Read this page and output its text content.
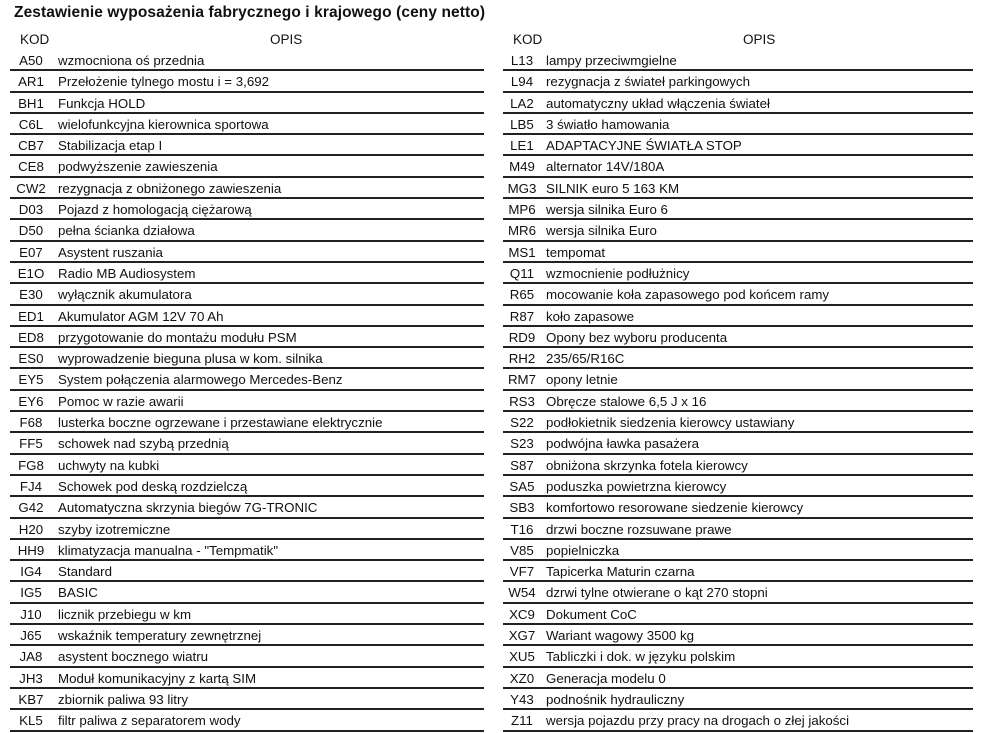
Zestawienie wyposażenia fabrycznego i krajowego (ceny netto)
KOD	OPIS
A50	wzmocniona oś przednia
AR1	Przełożenie tylnego mostu i = 3,692
BH1	Funkcja HOLD
C6L	wielofunkcyjna kierownica sportowa
CB7	Stabilizacja etap I
CE8	podwyższenie zawieszenia
CW2 rezygnacja z obniżonego zawieszenia
D03	Pojazd z homologacją ciężarową
D50	pełna ścianka działowa
E07	Asystent ruszania
E1O	Radio MB Audiosystem
E30	wyłącznik akumulatora
ED1	Akumulator AGM 12V 70 Ah
ED8	przygotowanie do montażu modułu PSM
ES0	wyprowadzenie bieguna plusa w kom. silnika
EY5	System połączenia alarmowego Mercedes-Benz
EY6	Pomoc w razie awarii
F68	lusterka boczne ogrzewane i przestawiane elektrycznie
FF5	schowek nad szybą przednią
FG8	uchwyty na kubki
FJ4	Schowek pod deską rozdzielczą
G42	Automatyczna skrzynia biegów 7G-TRONIC
H20	szyby izotremiczne
HH9	klimatyzacja manualna - "Tempmatik"
IG4	Standard
IG5	BASIC
J10	licznik przebiegu w km
J65	wskaźnik temperatury zewnętrznej
JA8	asystent bocznego wiatru
JH3	Moduł komunikacyjny z kartą SIM
KB7	zbiornik paliwa 93 litry
KL5	filtr paliwa z separatorem wody
KOD	OPIS
L13 lampy przeciwmgielne
L94 rezygnacja z świateł parkingowych
LA2 automatyczny układ włączenia świateł
LB5 3 światło hamowania
LE1 ADAPTACYJNE ŚWIATŁA STOP
M49 alternator 14V/180A
MG3 SILNIK euro 5 163 KM
MP6 wersja silnika Euro 6
MR6 wersja silnika Euro
MS1 tempomat
Q11 wzmocnienie podłużnicy
R65 mocowanie koła zapasowego pod końcem ramy
R87 koło zapasowe
RD9 Opony bez wyboru producenta
RH2 235/65/R16C
RM7 opony letnie
RS3 Obręcze stalowe 6,5 J x 16
S22 podłokietnik siedzenia kierowcy ustawiany
S23 podwójna ławka pasażera
S87 obniżona skrzynka fotela kierowcy
SA5 poduszka powietrzna kierowcy
SB3 komfortowo resorowane siedzenie kierowcy
T16 drzwi boczne rozsuwane prawe
V85 popielniczka
VF7 Tapicerka Maturin czarna
W54 dzrwi tylne otwierane o kąt 270 stopni
XC9 Dokument CoC
XG7 Wariant wagowy 3500 kg
XU5 Tabliczki i dok. w języku polskim
XZ0 Generacja modelu 0
Y43 podnośnik hydrauliczny
Z11 wersja pojazdu przy pracy na drogach o złej jakości
